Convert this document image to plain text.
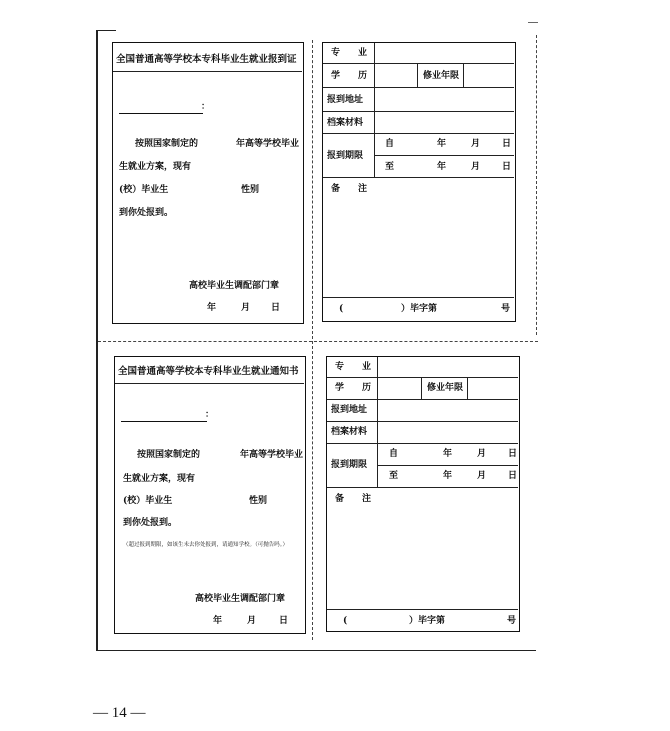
全国普通高等学校本专科毕业生就业报到证
：
按照国家制定的	年高等学校毕业
生就业方案，现有
(校）毕业生	性别
到你处报到。
高校毕业生调配部门章
年	月 日
专　　业
学　　历	修业年限
报到地址
档案材料
报到期限
自	年	月 日
至	年	月 日
备　　注
(	）毕字第	号
全国普通高等学校本专科毕业生就业通知书
：
按照国家制定的	年高等学校毕业
生就业方案，现有
(校）毕业生	性别
到你处报到。
（超过报到期限，如该生未去你处报到，请通知学校。（可抛告吗。）
高校毕业生调配部门章
年	月	日
专　　业
学　　历	修业年限
报到地址
档案材料
报到期限
自	年	月 日
至	年	月 日
备　　注
(	）毕字第	号
— 14 —
